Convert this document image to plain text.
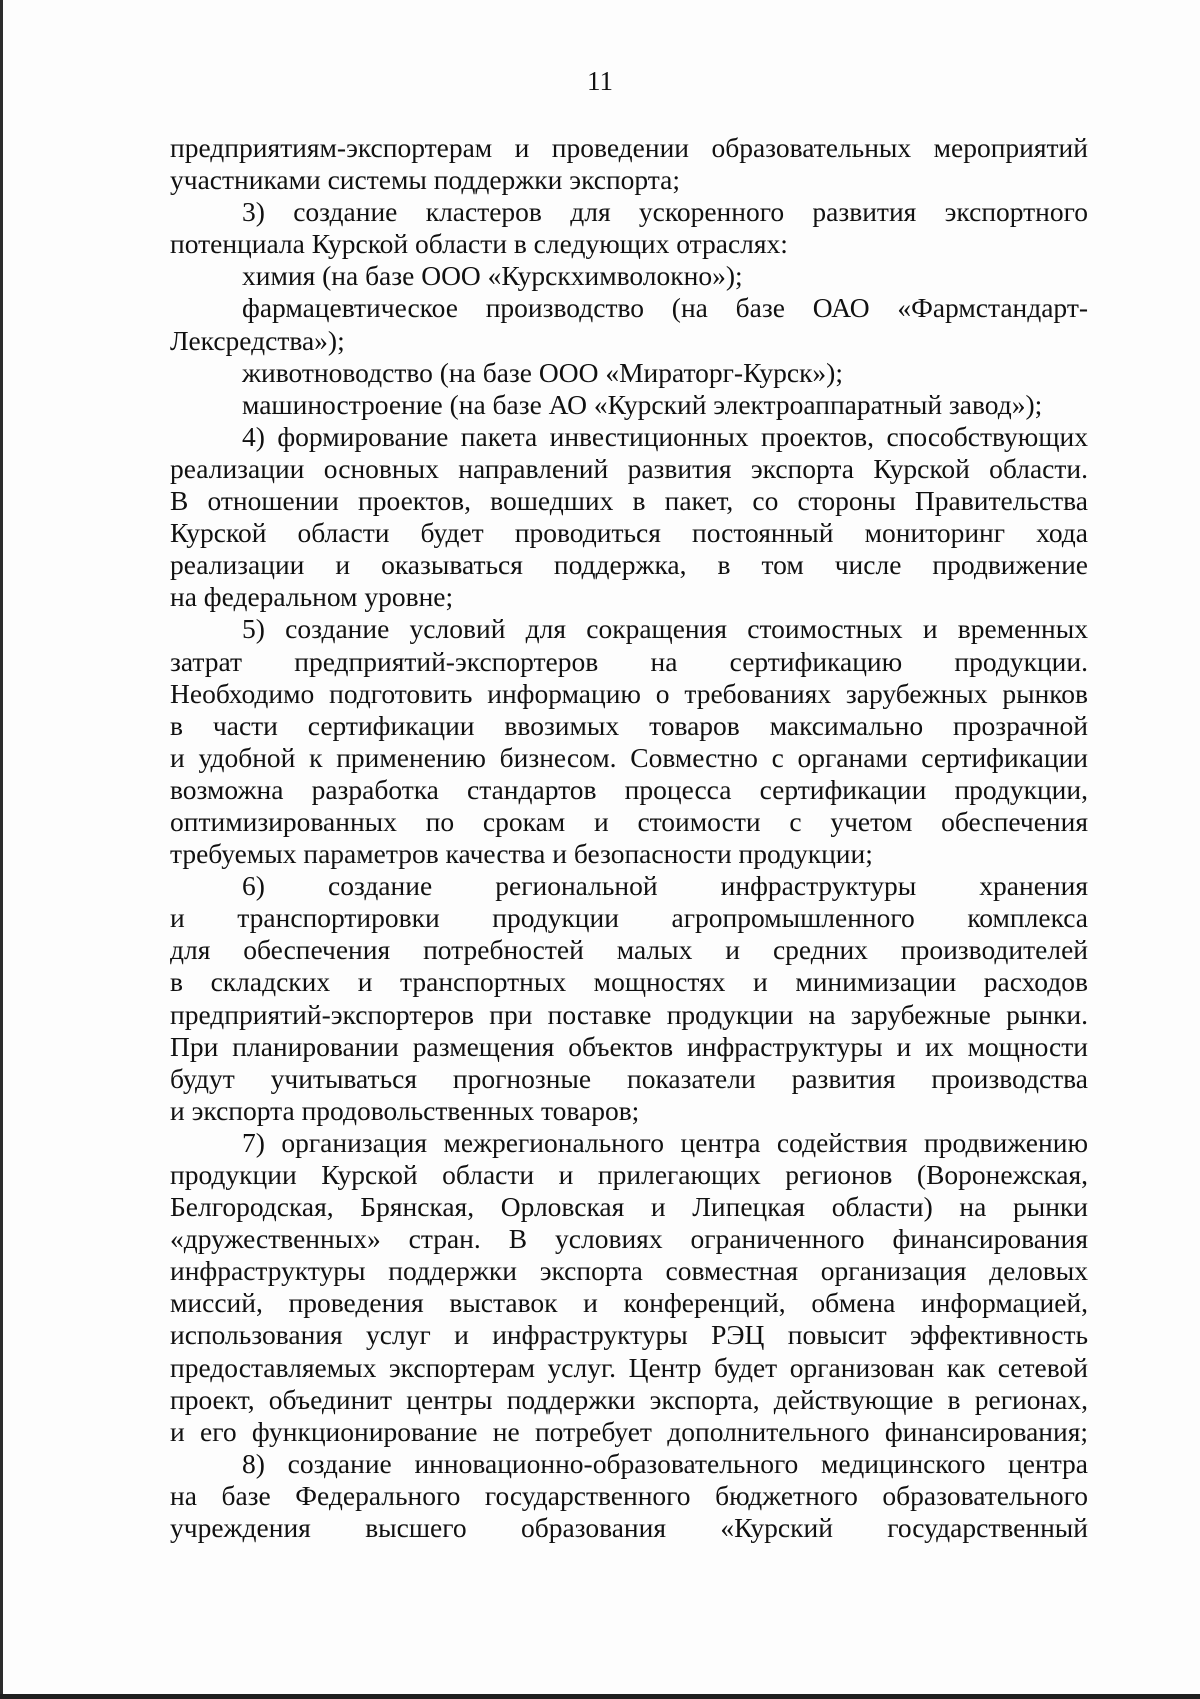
11
предприятиям-экспортерам и проведении образовательных мероприятий
участниками системы поддержки экспорта;
3) создание кластеров для ускоренного развития экспортного
потенциала Курской области в следующих отраслях:
химия (на базе ООО «Курскхимволокно»);
фармацевтическое производство (на базе ОАО «Фармстандарт-
Лексредства»);
животноводство (на базе ООО «Мираторг-Курск»);
машиностроение (на базе АО «Курский электроаппаратный завод»);
4) формирование пакета инвестиционных проектов, способствующих
реализации основных направлений развития экспорта Курской области.
В отношении проектов, вошедших в пакет, со стороны Правительства
Курской области будет проводиться постоянный мониторинг хода
реализации и оказываться поддержка, в том числе продвижение
на федеральном уровне;
5) создание условий для сокращения стоимостных и временных
затрат предприятий-экспортеров на сертификацию продукции.
Необходимо подготовить информацию о требованиях зарубежных рынков
в части сертификации ввозимых товаров максимально прозрачной
и удобной к применению бизнесом. Совместно с органами сертификации
возможна разработка стандартов процесса сертификации продукции,
оптимизированных по срокам и стоимости с учетом обеспечения
требуемых параметров качества и безопасности продукции;
6) создание региональной инфраструктуры хранения
и транспортировки продукции агропромышленного комплекса
для обеспечения потребностей малых и средних производителей
в складских и транспортных мощностях и минимизации расходов
предприятий-экспортеров при поставке продукции на зарубежные рынки.
При планировании размещения объектов инфраструктуры и их мощности
будут учитываться прогнозные показатели развития производства
и экспорта продовольственных товаров;
7) организация межрегионального центра содействия продвижению
продукции Курской области и прилегающих регионов (Воронежская,
Белгородская, Брянская, Орловская и Липецкая области) на рынки
«дружественных» стран. В условиях ограниченного финансирования
инфраструктуры поддержки экспорта совместная организация деловых
миссий, проведения выставок и конференций, обмена информацией,
использования услуг и инфраструктуры РЭЦ повысит эффективность
предоставляемых экспортерам услуг. Центр будет организован как сетевой
проект, объединит центры поддержки экспорта, действующие в регионах,
и его функционирование не потребует дополнительного финансирования;
8) создание инновационно-образовательного медицинского центра
на базе Федерального государственного бюджетного образовательного
учреждения высшего образования «Курский государственный
